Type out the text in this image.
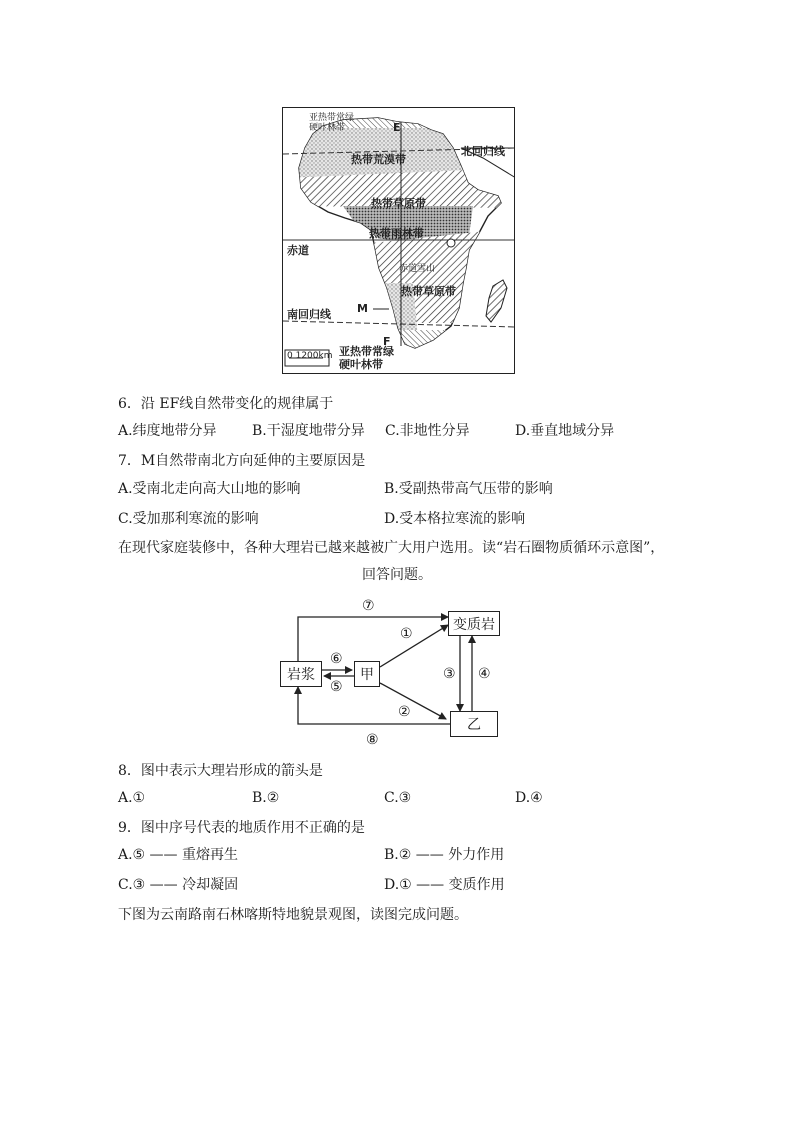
亚热带常绿
硬叶林带	E
北回归线
热带荒漠带
热带草原带
赤道
热带雨林带
赤道雪山
热带草原带
南回归线 M
F
0 1200km 亚热带常绿
硬叶林带
6．沿 EF线自然带变化的规律属于
A.纬度地带分异	B.干湿度地带分异 C.非地性分异	D.垂直地域分异
7．M自然带南北方向延伸的主要原因是
A.受南北走向高大山地的影响	B.受副热带高气压带的影响
C.受加那利寒流的影响	D.受本格拉寒流的影响
在现代家庭装修中，各种大理岩已越来越被广大用户选用。读“岩石圈物质循环示意图”，
回答问题。
岩浆	甲
变质岩
乙
⑦
①
⑥
⑤
③ ④
②
⑧
8．图中表示大理岩形成的箭头是
A.①	B.②	C.③	D.④
9．图中序号代表的地质作用不正确的是
A.⑤ —— 重熔再生	B.② —— 外力作用
C.③ —— 冷却凝固	D.① —— 变质作用
下图为云南路南石林喀斯特地貌景观图，读图完成问题。
